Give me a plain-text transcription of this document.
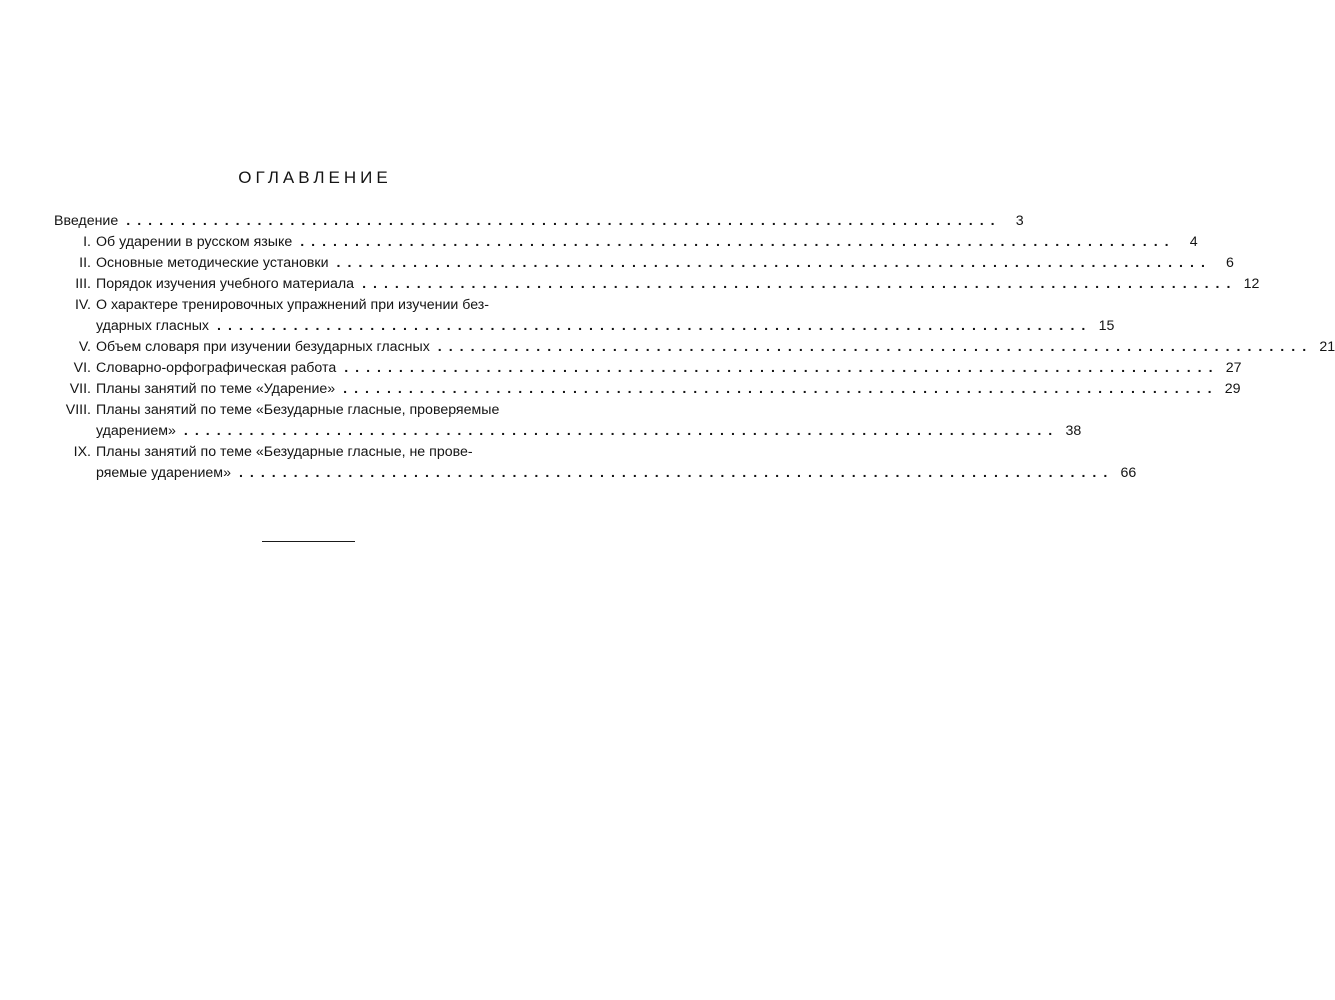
ОГЛАВЛЕНИЕ
Введение ................................................................................ 3
I. Об ударении в русском языке ................................................................................ 4
II. Основные методические установки ................................................................................ 6
III. Порядок изучения учебного материала ................................................................................ 12
IV. О характере тренировочных упражнений при изучении без-
ударных гласных ................................................................................ 15
V. Объем словаря при изучении безударных гласных ................................................................................ 21
VI. Словарно-орфографическая работа ................................................................................ 27
VII. Планы занятий по теме «Ударение» ................................................................................ 29
VIII. Планы занятий по теме «Безударные гласные, проверяемые
ударением» ................................................................................ 38
IX. Планы занятий по теме «Безударные гласные, не прове-
ряемые ударением» ................................................................................ 66
